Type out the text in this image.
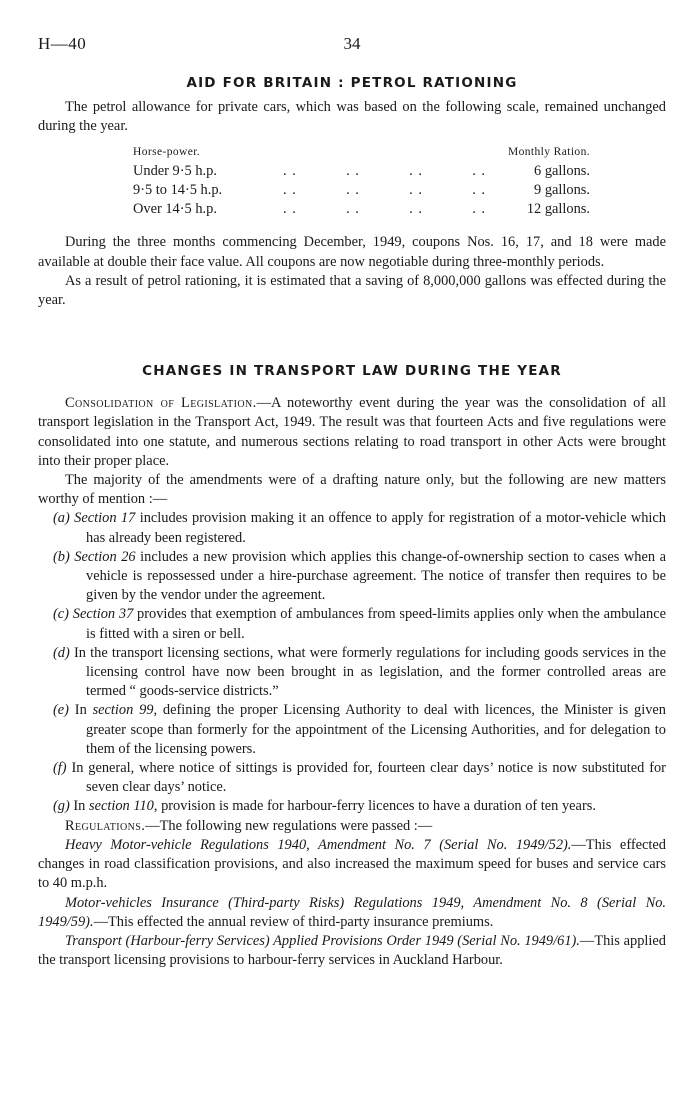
H—40	34
AID FOR BRITAIN : PETROL RATIONING

The petrol allowance for private cars, which was based on the following scale, remained unchanged during the year.

Horse-power.	Monthly Ration.
Under 9·5 h.p.	. .	. .	. .	. .	6 gallons.
9·5 to 14·5 h.p.	. .	. .	. .	. .	9 gallons.
Over 14·5 h.p.	. .	. .	. .	. .	12 gallons.

During the three months commencing December, 1949, coupons Nos. 16, 17, and 18 were made available at double their face value. All coupons are now negotiable during three-monthly periods.

As a result of petrol rationing, it is estimated that a saving of 8,000,000 gallons was effected during the year.

CHANGES IN TRANSPORT LAW DURING THE YEAR

Consolidation of Legislation.—A noteworthy event during the year was the consolidation of all transport legislation in the Transport Act, 1949. The result was that fourteen Acts and five regulations were consolidated into one statute, and numerous sections relating to road transport in other Acts were brought into their proper place.

The majority of the amendments were of a drafting nature only, but the following are new matters worthy of mention :—

(a) Section 17 includes provision making it an offence to apply for registration of a motor-vehicle which has already been registered.

(b) Section 26 includes a new provision which applies this change-of-ownership section to cases when a vehicle is repossessed under a hire-purchase agreement. The notice of transfer then requires to be given by the vendor under the agreement.

(c) Section 37 provides that exemption of ambulances from speed-limits applies only when the ambulance is fitted with a siren or bell.

(d) In the transport licensing sections, what were formerly regulations for including goods services in the licensing control have now been brought in as legislation, and the former controlled areas are termed “ goods-service districts.”

(e) In section 99, defining the proper Licensing Authority to deal with licences, the Minister is given greater scope than formerly for the appointment of the Licensing Authorities, and for delegation to them of the licensing powers.

(f) In general, where notice of sittings is provided for, fourteen clear days’ notice is now substituted for seven clear days’ notice.

(g) In section 110, provision is made for harbour-ferry licences to have a duration of ten years.

Regulations.—The following new regulations were passed :—

Heavy Motor-vehicle Regulations 1940, Amendment No. 7 (Serial No. 1949/52).—This effected changes in road classification provisions, and also increased the maximum speed for buses and service cars to 40 m.p.h.

Motor-vehicles Insurance (Third-party Risks) Regulations 1949, Amendment No. 8 (Serial No. 1949/59).—This effected the annual review of third-party insurance premiums.

Transport (Harbour-ferry Services) Applied Provisions Order 1949 (Serial No. 1949/61).—This applied the transport licensing provisions to harbour-ferry services in Auckland Harbour.
